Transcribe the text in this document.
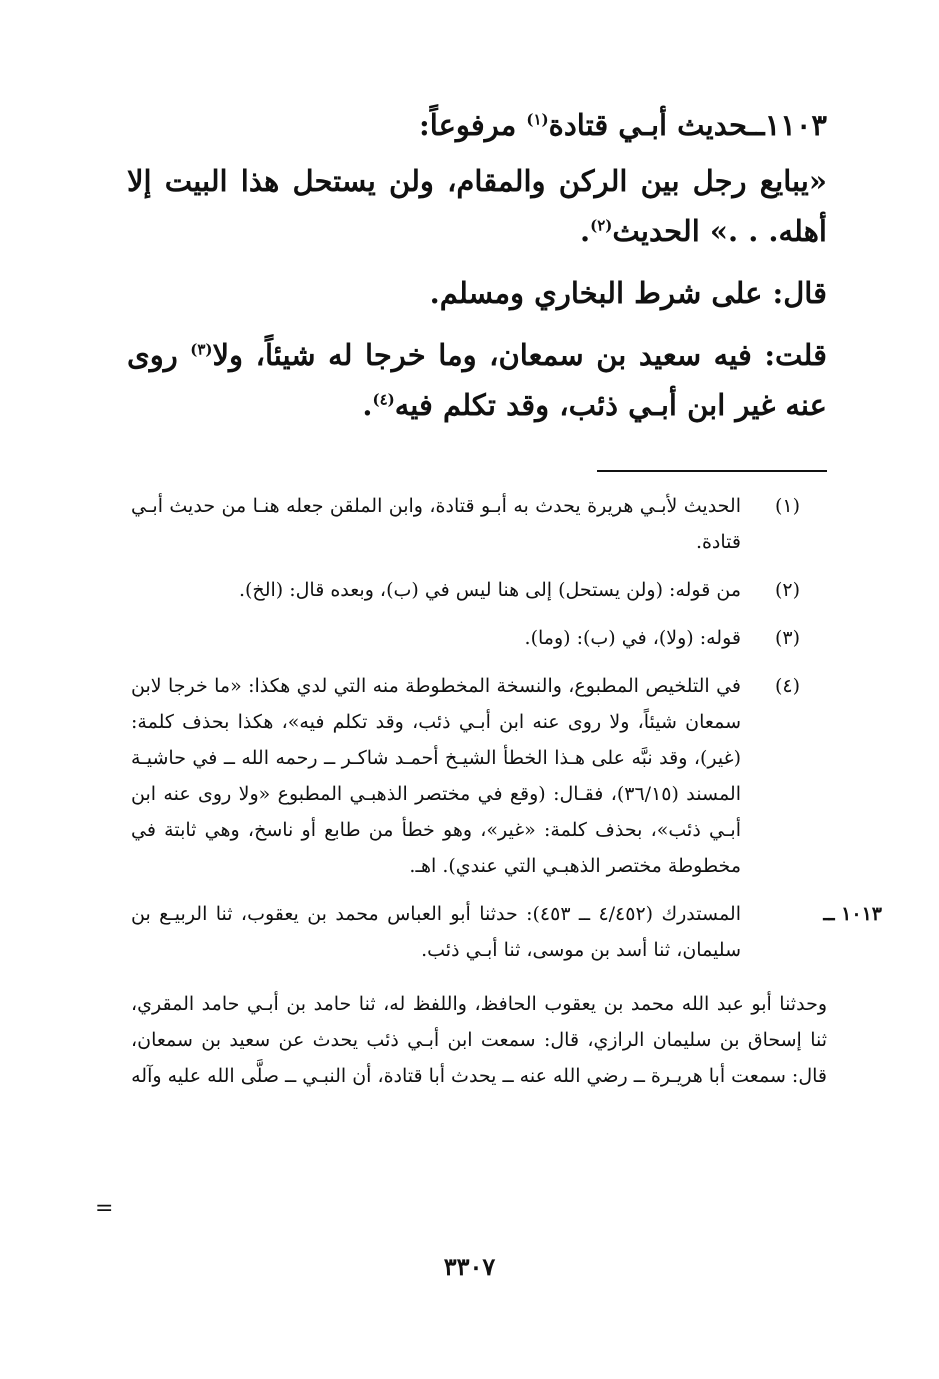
١١٠٣ــحديث أبـي قتادة$^{(١)}$ مرفوعاً:

«يبايع رجل بين الركن والمقام، ولن يستحل هذا البيت إلا أهله. . .» الحديث$^{(٢)}$.

قال: على شرط البخاري ومسلم.

قلت: فيه سعيد بن سمعان، وما خرجا له شيئاً، ولا$^{(٣)}$ روى عنه غير ابن أبـي ذئب، وقد تكلم فيه$^{(٤)}$.

(١)
الحديث لأبـي هريرة يحدث به أبـو قتادة، وابن الملقن جعله هنـا من حديث أبـي قتادة.

(٢)
من قوله: (ولن يستحل) إلى هنا ليس في (ب)، وبعده قال: (الخ).

(٣)
قوله: (ولا)، في (ب): (وما).

(٤)
في التلخيص المطبوع، والنسخة المخطوطة منه التي لدي هكذا: «ما خرجا لابن سمعان شيئاً، ولا روى عنه ابن أبـي ذئب، وقد تكلم فيه»، هكذا بحذف كلمة: (غير)، وقد نبَّه على هـذا الخطأ الشيـخ أحمـد شاكـر ــ رحمه الله ــ في حاشيـة المسند (٣٦/١٥)، فقـال: (وقع في مختصر الذهبـي المطبوع «ولا روى عنه ابن أبـي ذئب»، بحذف كلمة: «غير»، وهو خطأ من طابع أو ناسخ، وهي ثابتة في مخطوطة مختصر الذهبـي التي عندي). اهـ.

١٠١٣ ــ
المستدرك (٤/٤٥٢ ــ ٤٥٣): حدثنا أبو العباس محمد بن يعقوب، ثنا الربيـع بن سليمان، ثنا أسد بن موسى، ثنا أبـي ذئب.

وحدثنا أبو عبد الله محمد بن يعقوب الحافظ، واللفظ له، ثنا حامد بن أبـي حامد المقري، ثنا إسحاق بن سليمان الرازي، قال: سمعت ابن أبـي ذئب يحدث عن سعيد بن سمعان، قال: سمعت أبا هريـرة ــ رضي الله عنه ــ يحدث أبا قتادة، أن النبـي ــ صلَّى الله عليه وآله

=
٣٣٠٧
